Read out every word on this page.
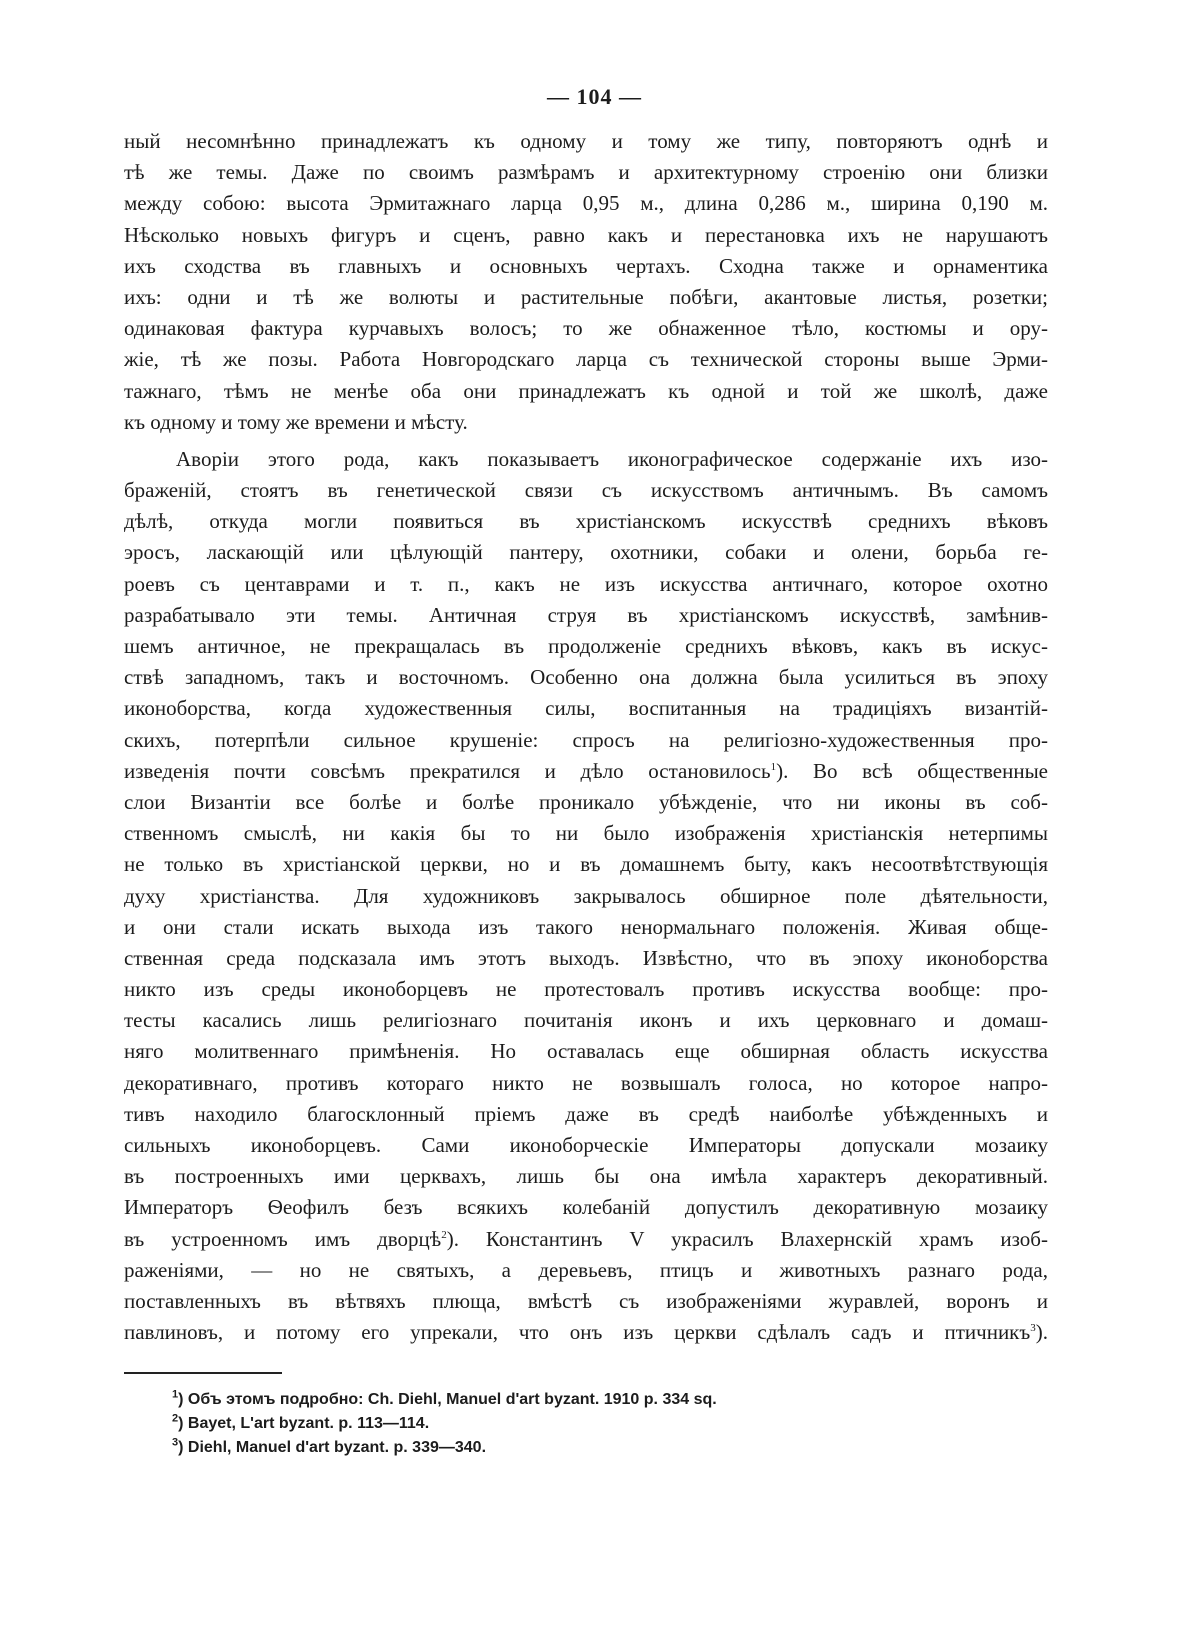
— 104 —
ный несомнѣнно принадлежатъ къ одному и тому же типу, повторяютъ однѣ и
тѣ же темы. Даже по своимъ размѣрамъ и архитектурному строенію они близки
между собою: высота Эрмитажнаго ларца 0,95 м., длина 0,286 м., ширина 0,190 м.
Нѣсколько новыхъ фигуръ и сценъ, равно какъ и перестановка ихъ не нарушаютъ
ихъ сходства въ главныхъ и основныхъ чертахъ. Сходна также и орнаментика
ихъ: одни и тѣ же волюты и растительные побѣги, акантовые листья, розетки;
одинаковая фактура курчавыхъ волосъ; то же обнаженное тѣло, костюмы и ору-
жіе, тѣ же позы. Работа Новгородскаго ларца съ технической стороны выше Эрми-
тажнаго, тѣмъ не менѣе оба они принадлежатъ къ одной и той же школѣ, даже
къ одному и тому же времени и мѣсту.
Аворіи этого рода, какъ показываетъ иконографическое содержаніе ихъ изо-
браженій, стоятъ въ генетической связи съ искусствомъ античнымъ. Въ самомъ
дѣлѣ, откуда могли появиться въ христіанскомъ искусствѣ среднихъ вѣковъ
эросъ, ласкающій или цѣлующій пантеру, охотники, собаки и олени, борьба ге-
роевъ съ центаврами и т. п., какъ не изъ искусства античнаго, которое охотно
разрабатывало эти темы. Античная струя въ христіанскомъ искусствѣ, замѣнив-
шемъ античное, не прекращалась въ продолженіе среднихъ вѣковъ, какъ въ искус-
ствѣ западномъ, такъ и восточномъ. Особенно она должна была усилиться въ эпоху
иконоборства, когда художественныя силы, воспитанныя на традиціяхъ византій-
скихъ, потерпѣли сильное крушеніе: спросъ на религіозно-художественныя про-
изведенія почти совсѣмъ прекратился и дѣло остановилось$^1$). Во всѣ общественные
слои Византіи все болѣе и болѣе проникало убѣжденіе, что ни иконы въ соб-
ственномъ смыслѣ, ни какія бы то ни было изображенія христіанскія нетерпимы
не только въ христіанской церкви, но и въ домашнемъ быту, какъ несоотвѣтствующія
духу христіанства. Для художниковъ закрывалось обширное поле дѣятельности,
и они стали искать выхода изъ такого ненормальнаго положенія. Живая обще-
ственная среда подсказала имъ этотъ выходъ. Извѣстно, что въ эпоху иконоборства
никто изъ среды иконоборцевъ не протестовалъ противъ искусства вообще: про-
тесты касались лишь религіознаго почитанія иконъ и ихъ церковнаго и домаш-
няго молитвеннаго примѣненія. Но оставалась еще обширная область искусства
декоративнаго, противъ котораго никто не возвышалъ голоса, но которое напро-
тивъ находило благосклонный пріемъ даже въ средѣ наиболѣе убѣжденныхъ и
сильныхъ иконоборцевъ. Сами иконоборческіе Императоры допускали мозаику
въ построенныхъ ими церквахъ, лишь бы она имѣла характеръ декоративный.
Императоръ Ѳеофилъ безъ всякихъ колебаній допустилъ декоративную мозаику
въ устроенномъ имъ дворцѣ$^2$). Константинъ V украсилъ Влахернскій храмъ изоб-
раженіями, — но не святыхъ, а деревьевъ, птицъ и животныхъ разнаго рода,
поставленныхъ въ вѣтвяхъ плюща, вмѣстѣ съ изображеніями журавлей, воронъ и
павлиновъ, и потому его упрекали, что онъ изъ церкви сдѣлалъ садъ и птичникъ$^3$).
$^1$) Объ этомъ подробно: Ch. Diehl, Manuel d'art byzant. 1910 p. 334 sq.
$^2$) Bayet, L'art byzant. p. 113—114.
$^3$) Diehl, Manuel d'art byzant. p. 339—340.
